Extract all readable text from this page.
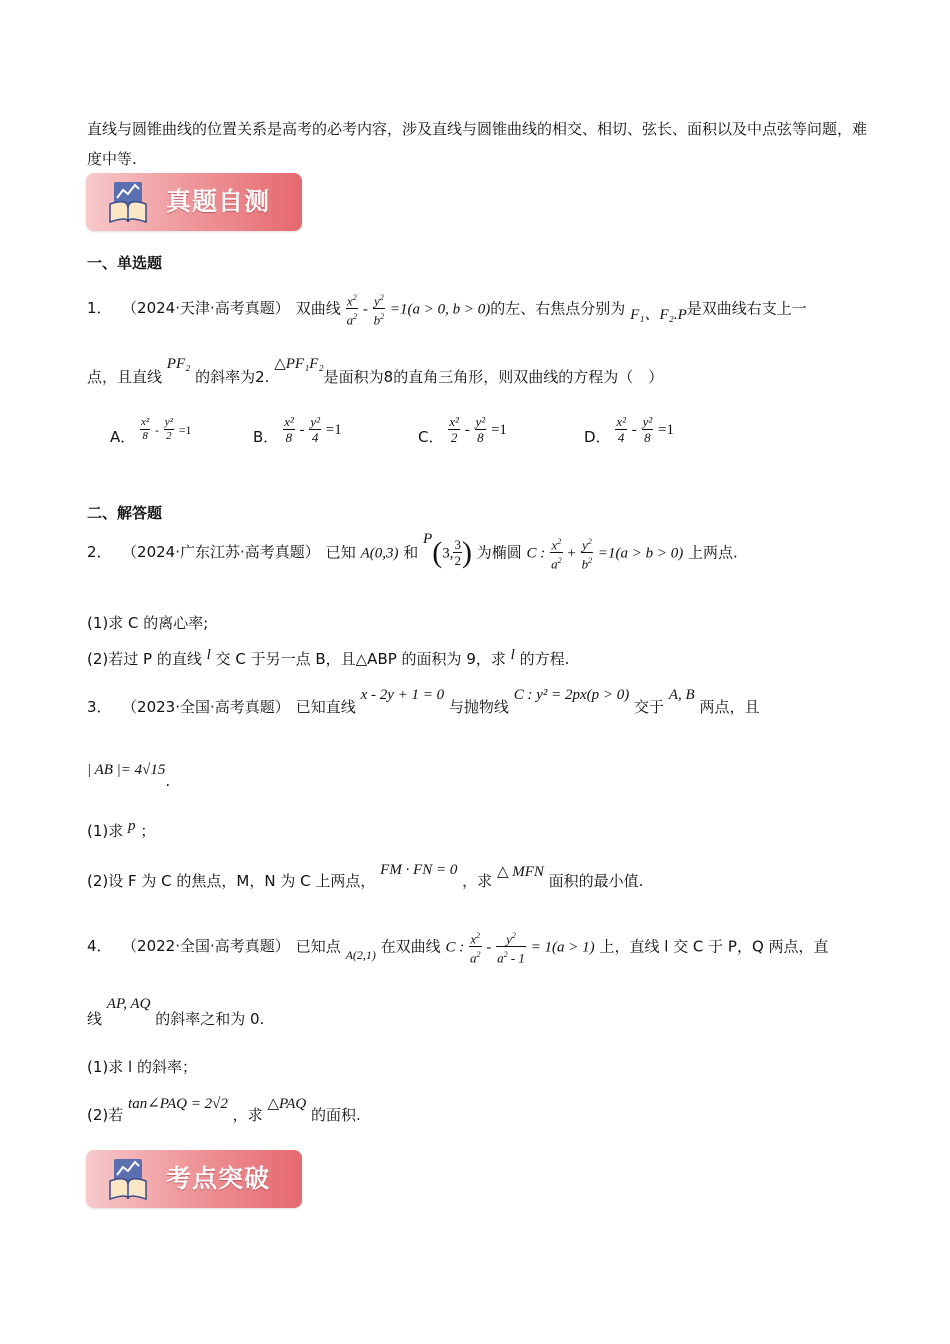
直线与圆锥曲线的位置关系是高考的必考内容，涉及直线与圆锥曲线的相交、相切、弦长、面积以及中点弦等问题，难度中等.
真题自测
一、单选题
1． （2024·天津·高考真题） 双曲线 $\frac{x^2}{a^2} - \frac{y^2}{b^2} =1(a > 0$, b > 0)的左、右焦点分别为 F₁、F₂.P是双曲线右支上一
点，且直线 PF₂ 的斜率为2. △PF₁F₂是面积为8的直角三角形，则双曲线的方程为（　）
A． $\frac{\text{x²}}{8} - \frac{\text{y²}}{2} =1$	B． $\frac{\text{x²}}{8} - \frac{\text{y²}}{4} =1$	C． $\frac{\text{x²}}{2} - \frac{\text{y²}}{8} =1$	D． $\frac{\text{x²}}{4} - \frac{\text{y²}}{8} =1$
二、解答题
2． （2024·广东江苏·高考真题） 已知 A(0,3) 和 P(3, $\frac{3}{2}$ ) 为椭圆 C : $\frac{x^2}{a^2} + \frac{y^2}{b^2} =1(a > b > 0)$ 上两点.
(1)求 C 的离心率;
(2)若过 P 的直线 l 交 C 于另一点 B，且△ABP 的面积为 9，求 l 的方程.
3． （2023·全国·高考真题） 已知直线 x - 2y + 1 = 0 与抛物线 C : y² = 2px(p > 0) 交于 A, B 两点，且
| AB |= 4√15.
(1)求 p ；
(2)设 F 为 C 的焦点，M，N 为 C 上两点， FM · FN = 0 ，求 △ MFN 面积的最小值.
4． （2022·全国·高考真题） 已知点 $_{A(2,1)}$ 在双曲线 C : $\frac{x^2}{a^2} - \frac{y^2}{a^2 - 1} = 1(a > 1)$ 上，直线 l 交 C 于 P，Q 两点，直
线 AP, AQ 的斜率之和为 0.
(1)求 l 的斜率；
(2)若 tan∠PAQ = 2√2 ，求 △PAQ 的面积.
考点突破
